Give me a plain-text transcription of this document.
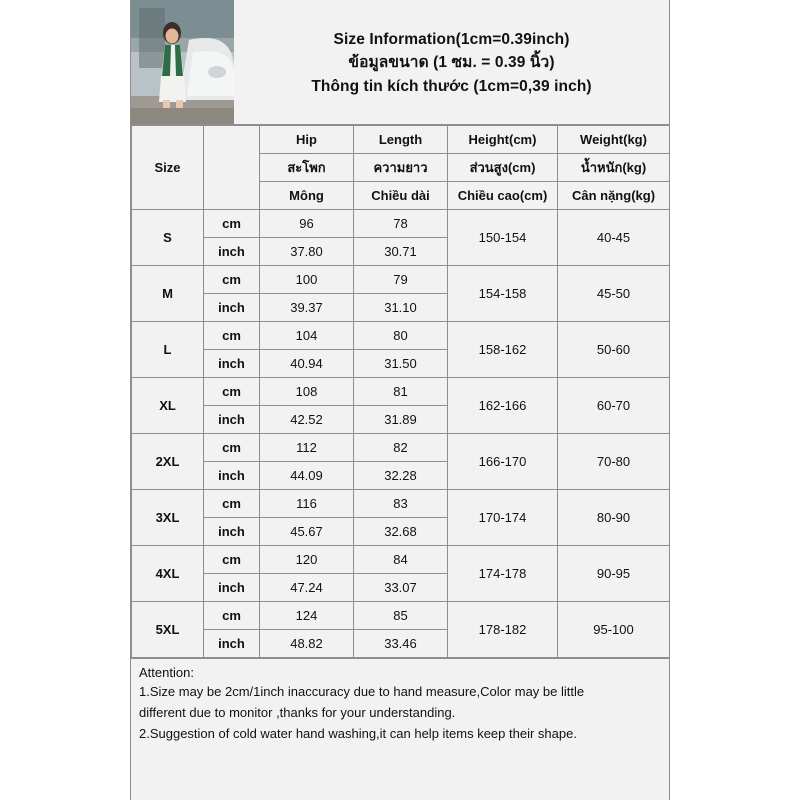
Size Information(1cm=0.39inch)
ข้อมูลขนาด (1 ซม. = 0.39 นิ้ว)
Thông tin kích thước (1cm=0,39 inch)
Size		Hip	Length	Height(cm)	Weight(kg)
		สะโพก	ความยาว	ส่วนสูง(cm)	น้ำหนัก(kg)
		Mông	Chiều dài	Chiều cao(cm)	Cân nặng(kg)
S	cm	96	78	150-154	40-45
	inch	37.80	30.71		
M	cm	100	79	154-158	45-50
	inch	39.37	31.10		
L	cm	104	80	158-162	50-60
	inch	40.94	31.50		
XL	cm	108	81	162-166	60-70
	inch	42.52	31.89		
2XL	cm	112	82	166-170	70-80
	inch	44.09	32.28		
3XL	cm	116	83	170-174	80-90
	inch	45.67	32.68		
4XL	cm	120	84	174-178	90-95
	inch	47.24	33.07		
5XL	cm	124	85	178-182	95-100
	inch	48.82	33.46		
Attention:

1.Size may be 2cm/1inch inaccuracy due to hand measure,Color may be little

different due to monitor ,thanks for your understanding.

2.Suggestion of cold water hand washing,it can help items keep their shape.
